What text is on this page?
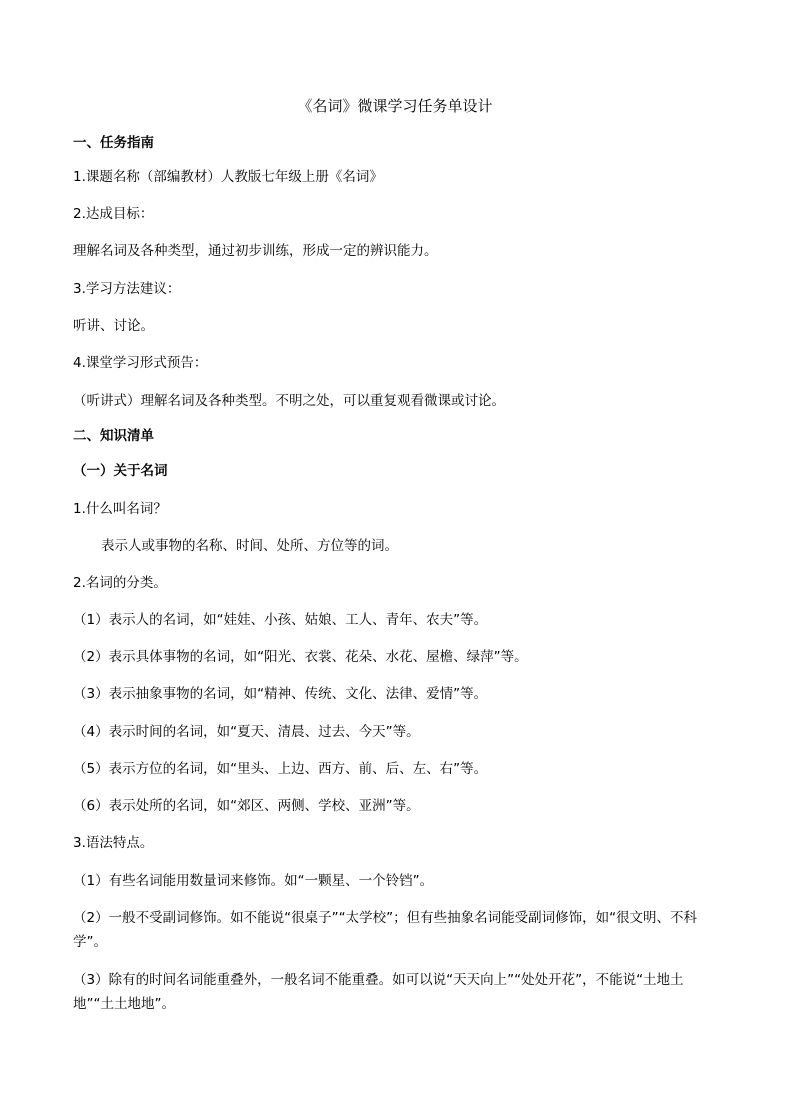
《名词》微课学习任务单设计
一、任务指南
1.课题名称（部编教材）人教版七年级上册《名词》
2.达成目标：
理解名词及各种类型，通过初步训练，形成一定的辨识能力。
3.学习方法建议：
听讲、讨论。
4.课堂学习形式预告：
（听讲式）理解名词及各种类型。不明之处，可以重复观看微课或讨论。
二、知识清单
（一）关于名词
1.什么叫名词？
表示人或事物的名称、时间、处所、方位等的词。
2.名词的分类。
（1）表示人的名词，如“娃娃、小孩、姑娘、工人、青年、农夫”等。
（2）表示具体事物的名词，如“阳光、衣裳、花朵、水花、屋檐、绿萍”等。
（3）表示抽象事物的名词，如“精神、传统、文化、法律、爱情”等。
（4）表示时间的名词，如“夏天、清晨、过去、今天”等。
（5）表示方位的名词，如“里头、上边、西方、前、后、左、右”等。
（6）表示处所的名词，如“郊区、两侧、学校、亚洲”等。
3.语法特点。
（1）有些名词能用数量词来修饰。如“一颗星、一个铃铛”。
（2）一般不受副词修饰。如不能说“很桌子”“太学校”；但有些抽象名词能受副词修饰，如“很文明、不科学”。
（3）除有的时间名词能重叠外，一般名词不能重叠。如可以说“天天向上”“处处开花”，不能说“土地土地”“土土地地”。
